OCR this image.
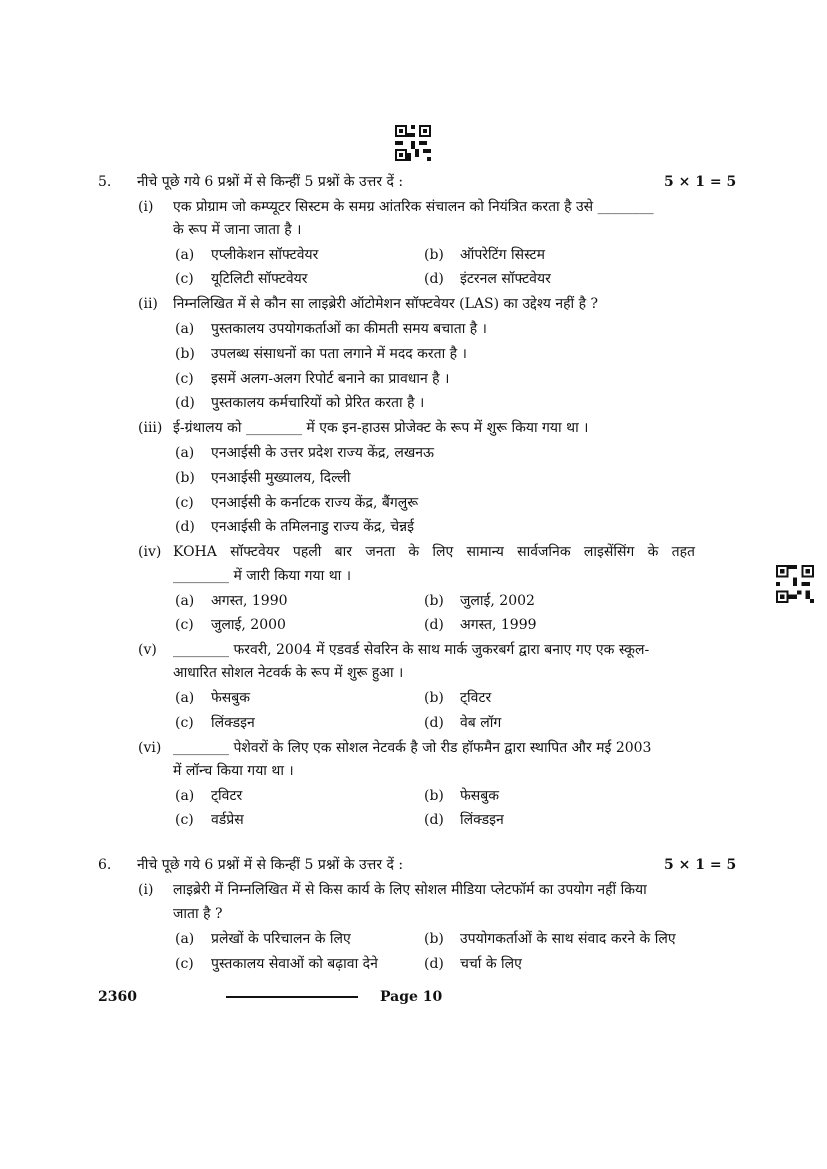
5. नीचे पूछे गये 6 प्रश्नों में से किन्हीं 5 प्रश्नों के उत्तर दें :	5 × 1 = 5
(i) एक प्रोग्राम जो कम्प्यूटर सिस्टम के समग्र आंतरिक संचालन को नियंत्रित करता है उसे ________
के रूप में जाना जाता है ।
(a) एप्लीकेशन सॉफ्टवेयर	(b) ऑपरेटिंग सिस्टम
(c) यूटिलिटी सॉफ्टवेयर	(d) इंटरनल सॉफ्टवेयर
(ii) निम्नलिखित में से कौन सा लाइब्रेरी ऑटोमेशन सॉफ्टवेयर (LAS) का उद्देश्य नहीं है ?
(a) पुस्तकालय उपयोगकर्ताओं का कीमती समय बचाता है ।
(b) उपलब्ध संसाधनों का पता लगाने में मदद करता है ।
(c) इसमें अलग-अलग रिपोर्ट बनाने का प्रावधान है ।
(d) पुस्तकालय कर्मचारियों को प्रेरित करता है ।
(iii) ई-ग्रंथालय को ________ में एक इन-हाउस प्रोजेक्ट के रूप में शुरू किया गया था ।
(a) एनआईसी के उत्तर प्रदेश राज्य केंद्र, लखनऊ
(b) एनआईसी मुख्यालय, दिल्ली
(c) एनआईसी के कर्नाटक राज्य केंद्र, बैंगलुरू
(d) एनआईसी के तमिलनाडु राज्य केंद्र, चेन्नई
(iv) KOHA सॉफ्टवेयर पहली बार जनता के लिए सामान्य सार्वजनिक लाइसेंसिंग के तहत
________ में जारी किया गया था ।
(a) अगस्त, 1990	(b) जुलाई, 2002
(c) जुलाई, 2000	(d) अगस्त, 1999
(v) ________ फरवरी, 2004 में एडवर्ड सेवरिन के साथ मार्क जुकरबर्ग द्वारा बनाए गए एक स्कूल-
आधारित सोशल नेटवर्क के रूप में शुरू हुआ ।
(a) फेसबुक	(b) ट्विटर
(c) लिंक्डइन	(d) वेब लॉग
(vi) ________ पेशेवरों के लिए एक सोशल नेटवर्क है जो रीड हॉफमैन द्वारा स्थापित और मई 2003
में लॉन्च किया गया था ।
(a) ट्विटर	(b) फेसबुक
(c) वर्डप्रेस	(d) लिंक्डइन
6. नीचे पूछे गये 6 प्रश्नों में से किन्हीं 5 प्रश्नों के उत्तर दें :	5 × 1 = 5
(i) लाइब्रेरी में निम्नलिखित में से किस कार्य के लिए सोशल मीडिया प्लेटफॉर्म का उपयोग नहीं किया
जाता है ?
(a) प्रलेखों के परिचालन के लिए	(b) उपयोगकर्ताओं के साथ संवाद करने के लिए
(c) पुस्तकालय सेवाओं को बढ़ावा देने	(d) चर्चा के लिए
2360	Page 10
